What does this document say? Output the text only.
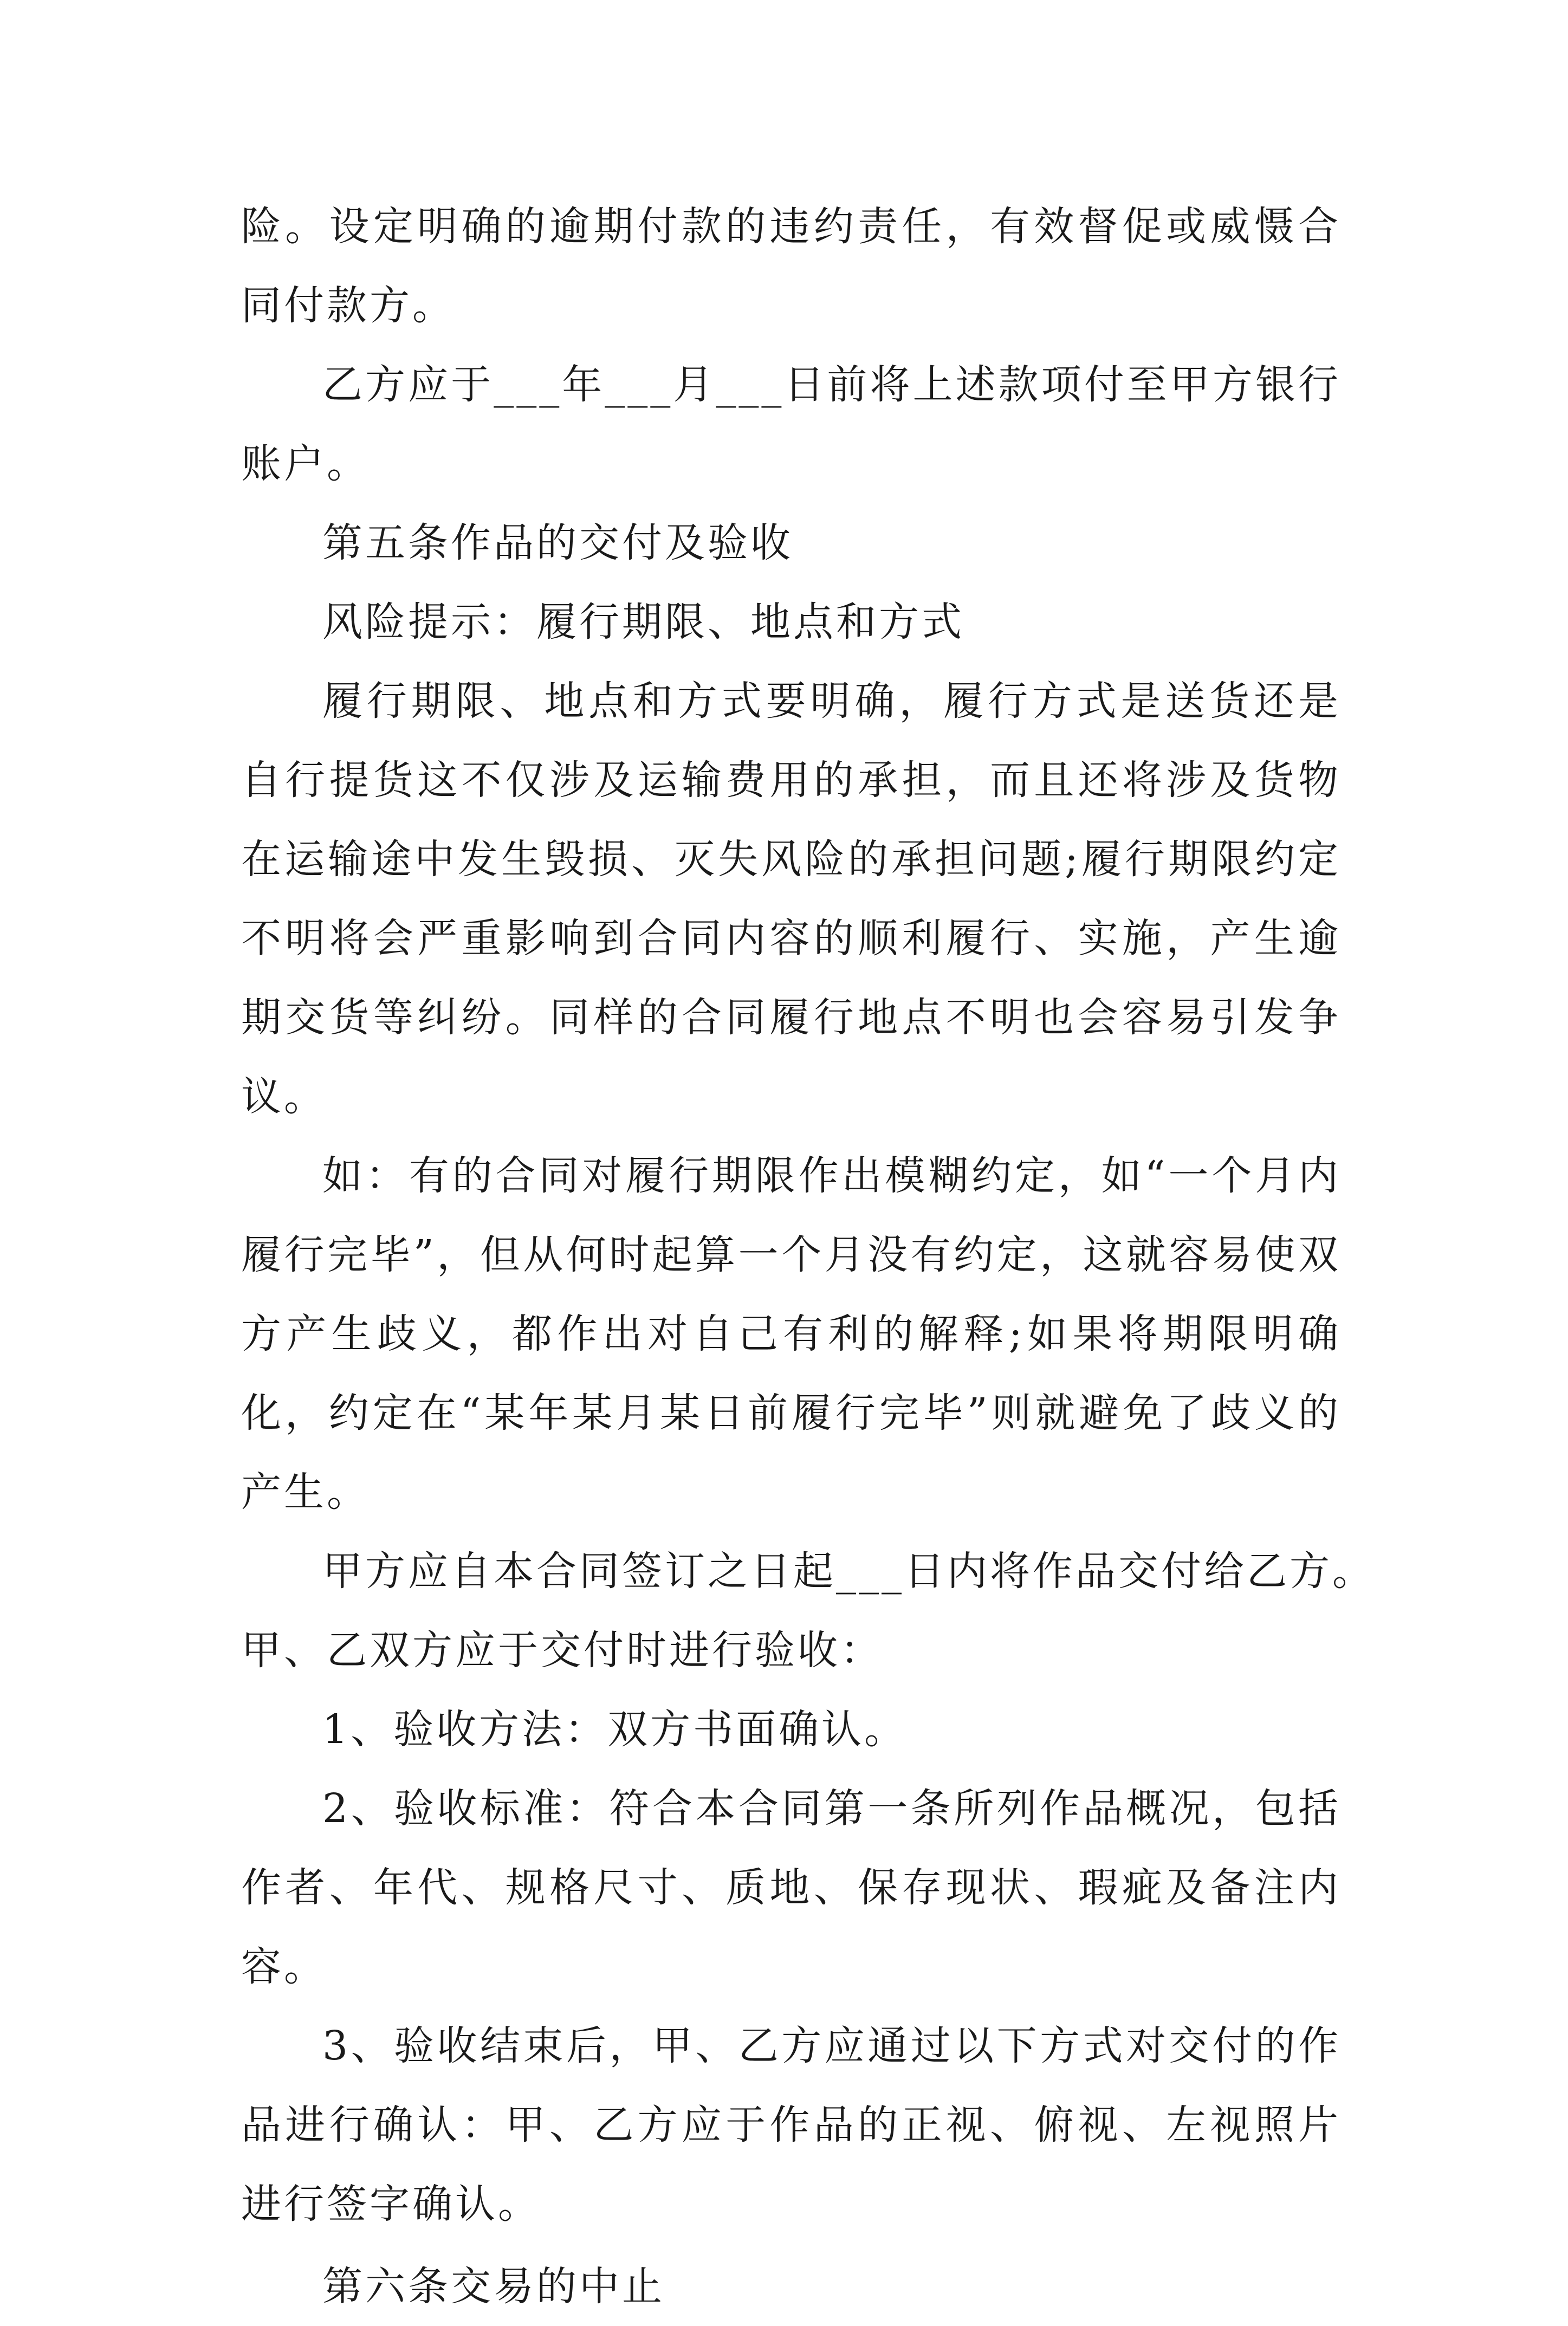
险。设定明确的逾期付款的违约责任，有效督促或威慑合同付款方。

乙方应于___年___月___日前将上述款项付至甲方银行账户。

第五条作品的交付及验收

风险提示：履行期限、地点和方式

履行期限、地点和方式要明确，履行方式是送货还是自行提货这不仅涉及运输费用的承担，而且还将涉及货物在运输途中发生毁损、灭失风险的承担问题;履行期限约定不明将会严重影响到合同内容的顺利履行、实施，产生逾期交货等纠纷。同样的合同履行地点不明也会容易引发争议。

如：有的合同对履行期限作出模糊约定，如“一个月内履行完毕”，但从何时起算一个月没有约定，这就容易使双方产生歧义，都作出对自己有利的解释;如果将期限明确化，约定在“某年某月某日前履行完毕”则就避免了歧义的产生。

甲方应自本合同签订之日起___日内将作品交付给乙方。

甲、乙双方应于交付时进行验收：

1、验收方法：双方书面确认。

2、验收标准：符合本合同第一条所列作品概况，包括作者、年代、规格尺寸、质地、保存现状、瑕疵及备注内容。

3、验收结束后，甲、乙方应通过以下方式对交付的作品进行确认：甲、乙方应于作品的正视、俯视、左视照片进行签字确认。

第六条交易的中止
